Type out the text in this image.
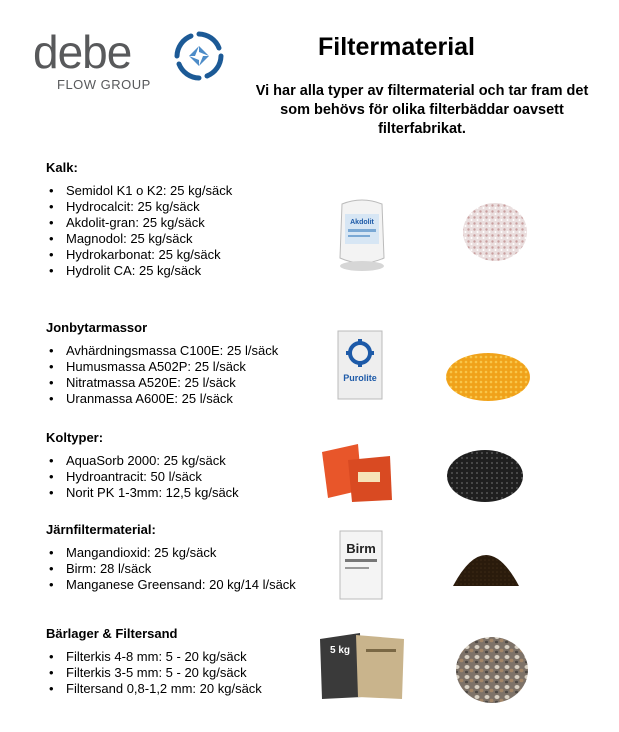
debe
FLOW GROUP
Filtermaterial

Vi har alla typer av filtermaterial och tar fram det som behövs för olika filterbäddar oavsett filterfabrikat.

Kalk:
• Semidol K1 o K2: 25 kg/säck
• Hydrocalcit: 25 kg/säck
• Akdolit-gran: 25 kg/säck
• Magnodol: 25 kg/säck
• Hydrokarbonat: 25 kg/säck
• Hydrolit CA: 25 kg/säck
Akdolit
Jonbytarmassor
• Avhärdningsmassa C100E: 25 l/säck
• Humusmassa A502P: 25 l/säck
• Nitratmassa A520E: 25 l/säck
• Uranmassa A600E: 25 l/säck
Purolite
Koltyper:
• AquaSorb 2000: 25 kg/säck
• Hydroantracit: 50 l/säck
• Norit PK 1-3mm: 12,5 kg/säck
Järnfiltermaterial:
• Mangandioxid: 25 kg/säck
• Birm: 28 l/säck
• Manganese Greensand: 20 kg/14 l/säck
Birm
Bärlager & Filtersand
• Filterkis 4-8 mm: 5 - 20 kg/säck
• Filterkis 3-5 mm: 5 - 20 kg/säck
• Filtersand 0,8-1,2 mm: 20 kg/säck
5 kg
